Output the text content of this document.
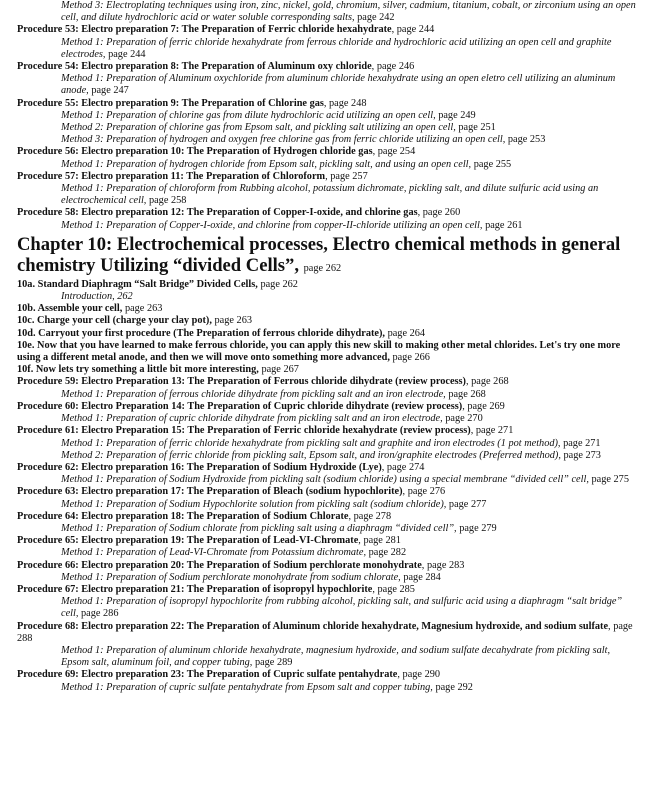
Method 3: Electroplating techniques using iron, zinc, nickel, gold, chromium, silver, cadmium, titanium, cobalt, or zirconium using an open cell, and dilute hydrochloric acid or water soluble corresponding salts, page 242
Procedure 53: Electro preparation 7: The Preparation of Ferric chloride hexahydrate, page 244
Method 1: Preparation of ferric chloride hexahydrate from ferrous chloride and hydrochloric acid utilizing an open cell and graphite electrodes, page 244
Procedure 54: Electro preparation 8: The Preparation of Aluminum oxy chloride, page 246
Method 1: Preparation of Aluminum oxychloride from aluminum chloride hexahydrate using an open eletro cell utilizing an aluminum anode, page 247
Procedure 55: Electro preparation 9: The Preparation of Chlorine gas, page 248
Method 1: Preparation of chlorine gas from dilute hydrochloric acid utilizing an open cell, page 249
Method 2: Preparation of chlorine gas from Epsom salt, and pickling salt utilizing an open cell, page 251
Method 3: Preparation of hydrogen and oxygen free chlorine gas from ferric chloride utilizing an open cell, page 253
Procedure 56: Electro preparation 10: The Preparation of Hydrogen chloride gas, page 254
Method 1: Preparation of hydrogen chloride from Epsom salt, pickling salt, and using an open cell, page 255
Procedure 57: Electro preparation 11: The Preparation of Chloroform, page 257
Method 1: Preparation of chloroform from Rubbing alcohol, potassium dichromate, pickling salt, and dilute sulfuric acid using an electrochemical cell, page 258
Procedure 58: Electro preparation 12: The Preparation of Copper-I-oxide, and chlorine gas, page 260
Method 1: Preparation of Copper-I-oxide, and chlorine from copper-II-chloride utilizing an open cell, page 261
Chapter 10: Electrochemical processes, Electro chemical methods in general chemistry Utilizing “divided Cells”, page 262
10a. Standard Diaphragm “Salt Bridge” Divided Cells, page 262
Introduction, 262
10b. Assemble your cell, page 263
10c. Charge your cell (charge your clay pot), page 263
10d. Carryout your first procedure (The Preparation of ferrous chloride dihydrate), page 264
10e. Now that you have learned to make ferrous chloride, you can apply this new skill to making other metal chlorides. Let's try one more using a different metal anode, and then we will move onto something more advanced, page 266
10f. Now lets try something a little bit more interesting, page 267
Procedure 59: Electro Preparation 13: The Preparation of Ferrous chloride dihydrate (review process), page 268
Method 1: Preparation of ferrous chloride dihydrate from pickling salt and an iron electrode, page 268
Procedure 60: Electro Preparation 14: The Preparation of Cupric chloride dihydrate (review process), page 269
Method 1: Preparation of cupric chloride dihydrate from pickling salt and an iron electrode, page 270
Procedure 61: Electro Preparation 15: The Preparation of Ferric chloride hexahydrate (review process), page 271
Method 1: Preparation of ferric chloride hexahydrate from pickling salt and graphite and iron electrodes (1 pot method), page 271
Method 2: Preparation of ferric chloride from pickling salt, Epsom salt, and iron/graphite electrodes (Preferred method), page 273
Procedure 62: Electro preparation 16: The Preparation of Sodium Hydroxide (Lye), page 274
Method 1: Preparation of Sodium Hydroxide from pickling salt (sodium chloride) using a special membrane “divided cell” cell, page 275
Procedure 63: Electro preparation 17: The Preparation of Bleach (sodium hypochlorite), page 276
Method 1: Preparation of Sodium Hypochlorite solution from pickling salt (sodium chloride), page 277
Procedure 64: Electro preparation 18: The Preparation of Sodium Chlorate, page 278
Method 1: Preparation of Sodium chlorate from pickling salt using a diaphragm “divided cell”, page 279
Procedure 65: Electro preparation 19: The Preparation of Lead-VI-Chromate, page 281
Method 1: Preparation of Lead-VI-Chromate from Potassium dichromate, page 282
Procedure 66: Electro preparation 20: The Preparation of Sodium perchlorate monohydrate, page 283
Method 1: Preparation of Sodium perchlorate monohydrate from sodium chlorate, page 284
Procedure 67: Electro preparation 21: The Preparation of isopropyl hypochlorite, page 285
Method 1: Preparation of isopropyl hypochlorite from rubbing alcohol, pickling salt, and sulfuric acid using a diaphragm “salt bridge” cell, page 286
Procedure 68: Electro preparation 22: The Preparation of Aluminum chloride hexahydrate, Magnesium hydroxide, and sodium sulfate, page 288
Method 1: Preparation of aluminum chloride hexahydrate, magnesium hydroxide, and sodium sulfate decahydrate from pickling salt, Epsom salt, aluminum foil, and copper tubing, page 289
Procedure 69: Electro preparation 23: The Preparation of Cupric sulfate pentahydrate, page 290
Method 1: Preparation of cupric sulfate pentahydrate from Epsom salt and copper tubing, page 292
